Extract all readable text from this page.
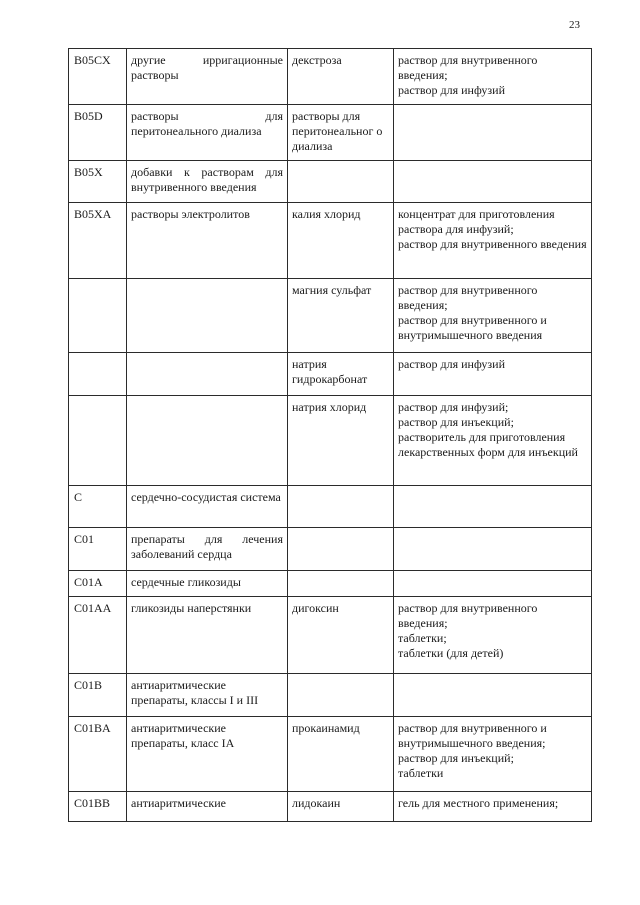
23
B05CX	другие ирригационные растворы	декстроза	раствор для внутривенного введения;
раствор для инфузий
B05D	растворы для перитонеального диализа	растворы для перитонеальног о диализа	
B05X	добавки к растворам для внутривенного введения		
B05XA	растворы электролитов	калия хлорид	концентрат для приготовления раствора для инфузий;
раствор для внутривенного введения
		магния сульфат	раствор для внутривенного введения;
раствор для внутривенного и внутримышечного введения
		натрия гидрокарбонат	раствор для инфузий
		натрия хлорид	раствор для инфузий;
раствор для инъекций;
растворитель для приготовления лекарственных форм для инъекций
C	сердечно-сосудистая система		
C01	препараты для лечения заболеваний сердца		
C01A	сердечные гликозиды		
C01AA	гликозиды наперстянки	дигоксин	раствор для внутривенного введения;
таблетки;
таблетки (для детей)
C01B	антиаритмические препараты, классы I и III		
C01BA	антиаритмические препараты, класс IA	прокаинамид	раствор для внутривенного и внутримышечного введения;
раствор для инъекций;
таблетки
C01BB	антиаритмические	лидокаин	гель для местного применения;
